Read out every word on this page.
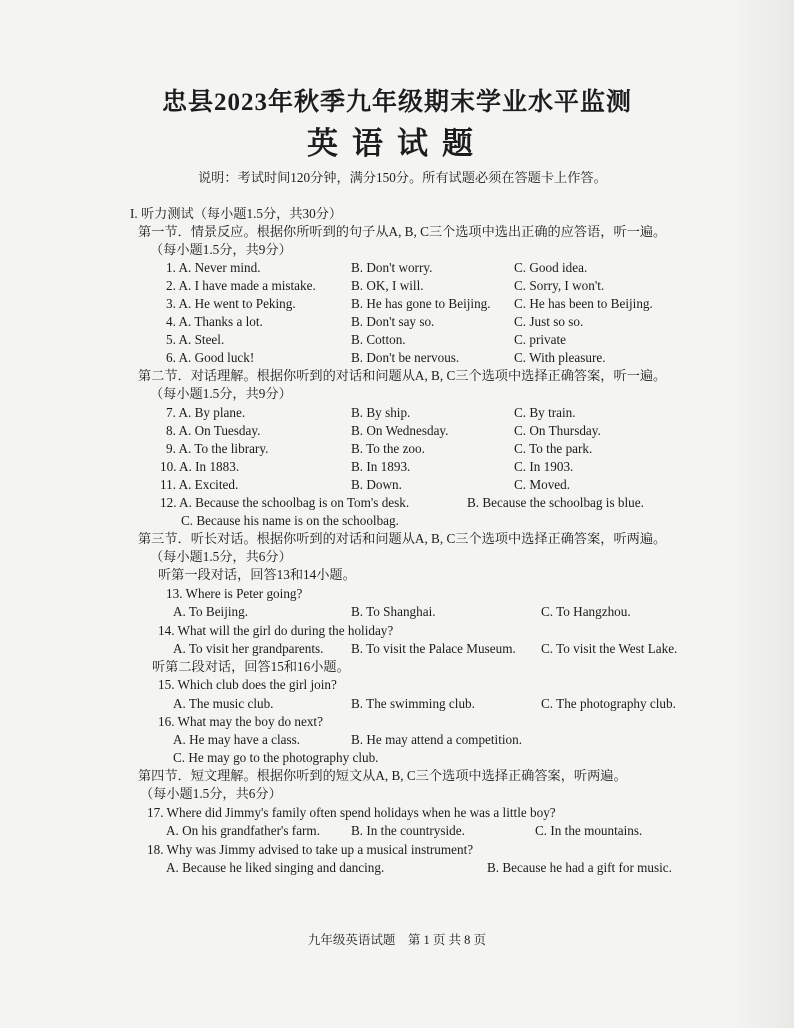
忠县2023年秋季九年级期末学业水平监测
英语试题
说明：考试时间120分钟，满分150分。所有试题必须在答题卡上作答。
I. 听力测试（每小题1.5分，共30分）
第一节．情景反应。根据你所听到的句子从A, B, C三个选项中选出正确的应答语，听一遍。
（每小题1.5分，共9分）
1. A. Never mind.	B. Don't worry.	C. Good idea.
2. A. I have made a mistake.	B. OK, I will.	C. Sorry, I won't.
3. A. He went to Peking.	B. He has gone to Beijing. C. He has been to Beijing.
4. A. Thanks a lot.	B. Don't say so.	C. Just so so.
5. A. Steel.	B. Cotton.	C. private
6. A. Good luck!	B. Don't be nervous.	C. With pleasure.
第二节．对话理解。根据你听到的对话和问题从A, B, C三个选项中选择正确答案，听一遍。
（每小题1.5分，共9分）
7. A. By plane.	B. By ship.	C. By train.
8. A. On Tuesday.	B. On Wednesday.	C. On Thursday.
9. A. To the library.	B. To the zoo.	C. To the park.
10. A. In 1883.	B. In 1893.	C. In 1903.
11. A. Excited.	B. Down.	C. Moved.
12. A. Because the schoolbag is on Tom's desk.	B. Because the schoolbag is blue.
C. Because his name is on the schoolbag.
第三节．听长对话。根据你听到的对话和问题从A, B, C三个选项中选择正确答案，听两遍。
（每小题1.5分，共6分）
听第一段对话，回答13和14小题。
13. Where is Peter going?
A. To Beijing.	B. To Shanghai.	C. To Hangzhou.
14. What will the girl do during the holiday?
A. To visit her grandparents. B. To visit the Palace Museum. C. To visit the West Lake.
听第二段对话，回答15和16小题。
15. Which club does the girl join?
A. The music club.	B. The swimming club.	C. The photography club.
16. What may the boy do next?
A. He may have a class.	B. He may attend a competition.
C. He may go to the photography club.
第四节．短文理解。根据你听到的短文从A, B, C三个选项中选择正确答案，听两遍。
（每小题1.5分，共6分）
17. Where did Jimmy's family often spend holidays when he was a little boy?
A. On his grandfather's farm. B. In the countryside.	C. In the mountains.
18. Why was Jimmy advised to take up a musical instrument?
A. Because he liked singing and dancing.	B. Because he had a gift for music.
九年级英语试题　第 1 页 共 8 页
